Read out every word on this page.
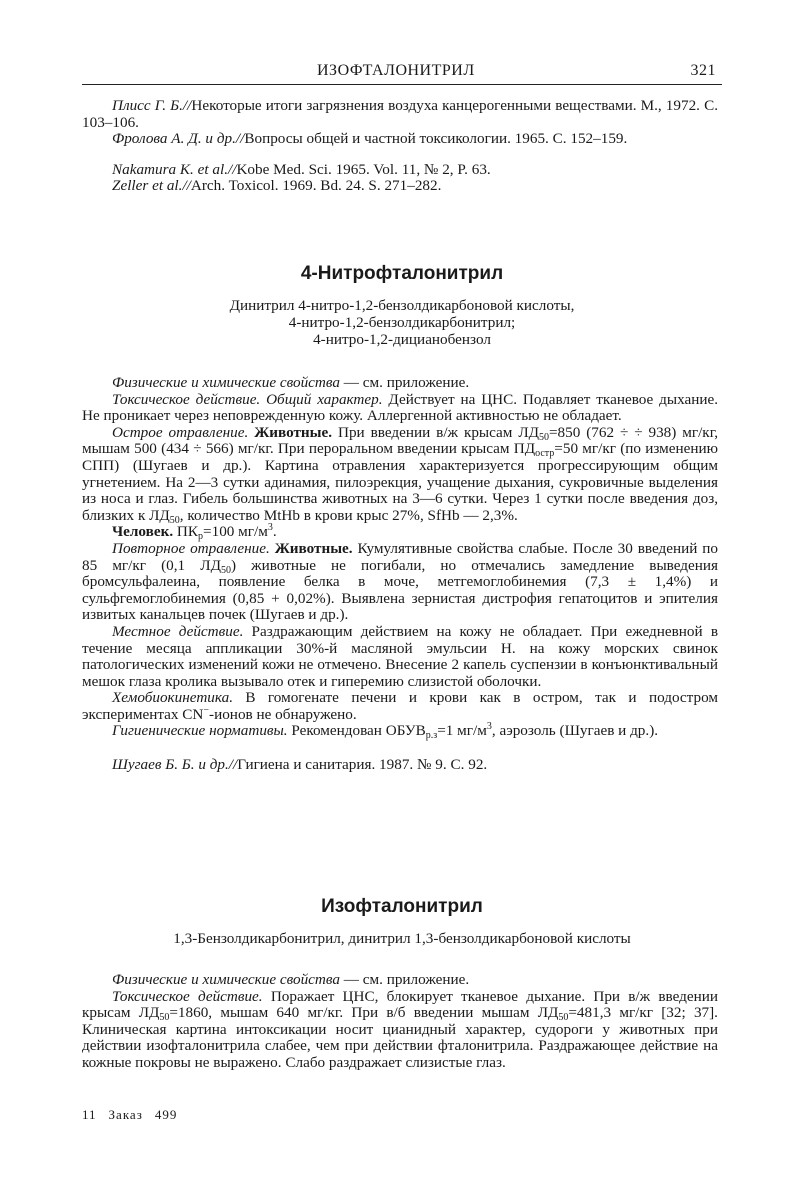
ИЗОФТАЛОНИТРИЛ	321

Плисс Г. Б.//Некоторые итоги загрязнения воздуха канцерогенными веществами. М., 1972. С. 103–106.

Фролова А. Д. и др.//Вопросы общей и частной токсикологии. 1965. С. 152–159.

Nakamura K. et al.//Kobe Med. Sci. 1965. Vol. 11, № 2, P. 63.

Zeller et al.//Arch. Toxicol. 1969. Bd. 24. S. 271–282.

4-Нитрофталонитрил
Динитрил 4-нитро-1,2-бензолдикарбоновой кислоты,
4-нитро-1,2-бензолдикарбонитрил;
4-нитро-1,2-дицианобензол

Физические и химические свойства — см. приложение.

Токсическое действие. Общий характер. Действует на ЦНС. Подавляет тканевое дыхание. Не проникает через неповрежденную кожу. Аллергенной активностью не обладает.

Острое отравление. Животные. При введении в/ж крысам $ЛД_{50}=850$ (762 ÷ ÷ 938) мг/кг, мышам 500 (434 ÷ 566) мг/кг. При пероральном введении крысам $ПД_{остр}=50$ мг/кг (по изменению СПП) (Шугаев и др.). Картина отравления характеризуется прогрессирующим общим угнетением. На 2—3 сутки адинамия, пилоэрекция, учащение дыхания, сукровичные выделения из носа и глаз. Гибель большинства животных на 3—6 сутки. Через 1 сутки после введения доз, близких к $ЛД_{50}$, количество MtHb в крови крыс 27%, SfHb — 2,3%.

Человек. $ПК_р=100$ $мг/м^3$.

Повторное отравление. Животные. Кумулятивные свойства слабые. После 30 введений по 85 мг/кг (0,1 $ЛД_{50}$) животные не погибали, но отмечались замедление выведения бромсульфалеина, появление белка в моче, метгемоглобинемия (7,3 ± 1,4%) и сульфгемоглобинемия (0,85 + 0,02%). Выявлена зернистая дистрофия гепатоцитов и эпителия извитых канальцев почек (Шугаев и др.).

Местное действие. Раздражающим действием на кожу не обладает. При ежедневной в течение месяца аппликации 30%-й масляной эмульсии Н. на кожу морских свинок патологических изменений кожи не отмечено. Внесение 2 капель суспензии в конъюнктивальный мешок глаза кролика вызывало отек и гиперемию слизистой оболочки.

Хемобиокинетика. В гомогенате печени и крови как в остром, так и подостром экспериментах CN−-ионов не обнаружено.

Гигиенические нормативы. Рекомендован $ОБУВ_{р.з}=1$ $мг/м^3$, аэрозоль (Шугаев и др.).

Шугаев Б. Б. и др.//Гигиена и санитария. 1987. № 9. С. 92.

Изофталонитрил
1,3-Бензолдикарбонитрил, динитрил 1,3-бензолдикарбоновой кислоты

Физические и химические свойства — см. приложение.

Токсическое действие. Поражает ЦНС, блокирует тканевое дыхание. При в/ж введении крысам $ЛД_{50}=1860$, мышам 640 мг/кг. При в/б введении мышам $ЛД_{50}=481,3$ мг/кг [32; 37]. Клиническая картина интоксикации носит цианидный характер, судороги у животных при действии изофталонитрила слабее, чем при действии фталонитрила. Раздражающее действие на кожные покровы не выражено. Слабо раздражает слизистые глаз.

11 Заказ 499
